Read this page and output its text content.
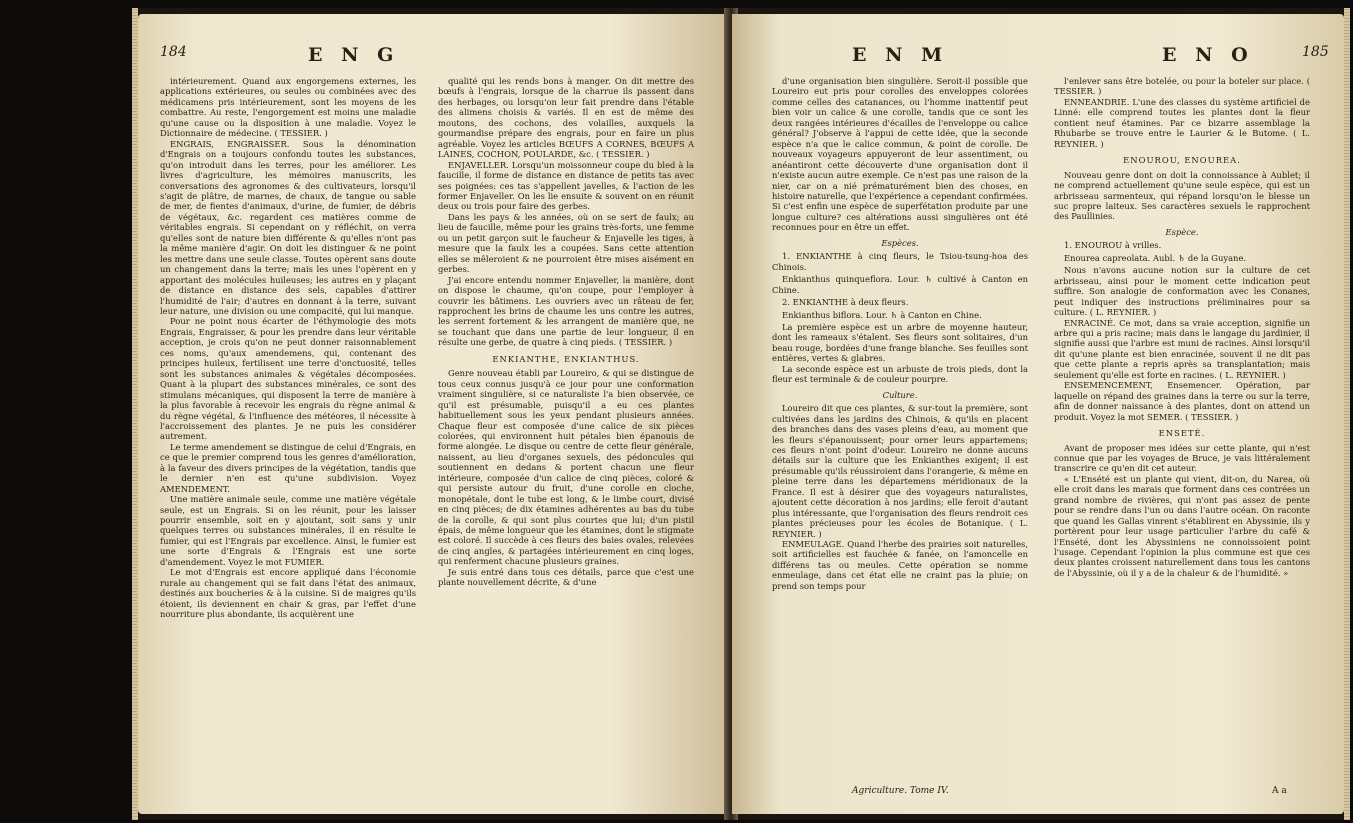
184	E N G

intérieurement. Quand aux engorgemens externes, les applications extérieures, ou seules ou combinées avec des médicamens pris intérieurement, sont les moyens de les combattre. Au reste, l'engorgement est moins une maladie qu'une cause ou la disposition à une maladie. Voyez le Dictionnaire de médecine. ( TESSIER. )

ENGRAIS, ENGRAISSER. Sous la dénomination d'Engrais on a toujours confondu toutes les substances, qu'on introduit dans les terres, pour les améliorer. Les livres d'agriculture, les mémoires manuscrits, les conversations des agronomes & des cultivateurs, lorsqu'il s'agit de plâtre, de marnes, de chaux, de tangue ou sable de mer, de fientes d'animaux, d'urine, de fumier, de débris de végétaux, &c. regardent ces matières comme de véritables engrais. Si cependant on y réfléchit, on verra qu'elles sont de nature bien différente & qu'elles n'ont pas la même manière d'agir. On doit les distinguer & ne point les mettre dans une seule classe. Toutes opèrent sans doute un changement dans la terre; mais les unes l'opèrent en y apportant des molécules huileuses; les autres en y plaçant de distance en distance des sels, capables d'attirer l'humidité de l'air; d'autres en donnant à la terre, suivant leur nature, une division ou une compacité, qui lui manque.

Pour ne point nous écarter de l'éthymologie des mots Engrais, Engraisser, & pour les prendre dans leur véritable acception, je crois qu'on ne peut donner raisonnablement ces noms, qu'aux amendemens, qui, contenant des principes huileux, fertilisent une terre d'onctuosité, telles sont les substances animales & végétales décomposées. Quant à la plupart des substances minérales, ce sont des stimulans mécaniques, qui disposent la terre de manière à la plus favorable à recevoir les engrais du règne animal & du règne végétal, & l'influence des météores, il nécessite à l'accroissement des plantes. Je ne puis les considérer autrement.

Le terme amendement se distingue de celui d'Engrais, en ce que le premier comprend tous les genres d'amélioration, à la faveur des divers principes de la végétation, tandis que le dernier n'en est qu'une subdivision. Voyez AMENDEMENT.

Une matière animale seule, comme une matière végétale seule, est un Engrais. Si on les réunit, pour les laisser pourrir ensemble, soit en y ajoutant, soit sans y unir quelques terres ou substances minérales, il en résulte le fumier, qui est l'Engrais par excellence. Ainsi, le fumier est une sorte d'Engrais & l'Engrais est une sorte d'amendement. Voyez le mot FUMIER.

Le mot d'Engrais est encore appliqué dans l'économie rurale au changement qui se fait dans l'état des animaux, destinés aux boucheries & à la cuisine. Si de maigres qu'ils étoient, ils deviennent en chair & gras, par l'effet d'une nourriture plus abondante, ils acquièrent une

qualité qui les rends bons à manger. On dit mettre des bœufs à l'engrais, lorsque de la charrue ils passent dans des herbages, ou lorsqu'on leur fait prendre dans l'étable des alimens choisis & variés. Il en est de même des moutons, des cochons, des volailles, auxquels la gourmandise prépare des engrais, pour en faire un plus agréable. Voyez les articles BŒUFS A CORNES, BŒUFS A LAINES, COCHON, POULARDE, &c. ( TESSIER. )

ENJAVELLER. Lorsqu'un moissonneur coupe du bled à la faucille, il forme de distance en distance de petits tas avec ses poignées: ces tas s'appellent javelles, & l'action de les former Enjaveller. On les lie ensuite & souvent on en réunit deux ou trois pour faire des gerbes.

Dans les pays & les années, où on se sert de faulx; au lieu de faucille, même pour les grains très-forts, une femme ou un petit garçon suit le faucheur & Enjavelle les tiges, à mesure que la faulx les a coupées. Sans cette attention elles se mêleroient & ne pourroient être mises aisément en gerbes.

J'ai encore entendu nommer Enjaveller, la manière, dont on dispose le chaume, qu'on coupe, pour l'employer à couvrir les bâtimens. Les ouvriers avec un râteau de fer, rapprochent les brins de chaume les uns contre les autres, les serrent fortement & les arrangent de manière que, ne se touchant que dans une partie de leur longueur, il en résulte une gerbe, de quatre à cinq pieds. ( TESSIER. )

ENKIANTHE, ENKIANTHUS.

Genre nouveau établi par Loureiro, & qui se distingue de tous ceux connus jusqu'à ce jour pour une conformation vraiment singulière, si ce naturaliste l'a bien observée, ce qu'il est présumable, puisqu'il a eu ces plantes habituellement sous les yeux pendant plusieurs années. Chaque fleur est composée d'une calice de six pièces colorées, qui environnent huit pétales bien épanouis de forme alongée. Le disque ou centre de cette fleur générale, naissent, au lieu d'organes sexuels, des pédoncules qui soutiennent en dedans & portent chacun une fleur intérieure, composée d'un calice de cinq pièces, coloré & qui persiste autour du fruit, d'une corolle en cloche, monopétale, dont le tube est long, & le limbe court, divisé en cinq pièces; de dix étamines adhérentes au bas du tube de la corolle, & qui sont plus courtes que lui; d'un pistil épais, de même longueur que les étamines, dont le stigmate est coloré. Il succède à ces fleurs des baies ovales, relevées de cinq angles, & partagées intérieurement en cinq loges, qui renferment chacune plusieurs graines.

Je suis entré dans tous ces détails, parce que c'est une plante nouvellement décrite, & d'une

E N M	E N O	185

d'une organisation bien singulière. Seroit-il possible que Loureiro eut pris pour corolles des enveloppes colorées comme celles des catanances, ou l'homme inattentif peut bien voir un calice & une corolle, tandis que ce sont les deux rangées intérieures d'écailles de l'enveloppe ou calice général? J'observe à l'appui de cette idée, que la seconde espèce n'a que le calice commun, & point de corolle. De nouveaux voyageurs appuyeront de leur assentiment, ou anéantiront cette découverte d'une organisation dont il n'existe aucun autre exemple. Ce n'est pas une raison de la nier, car on a nié prématurément bien des choses, en histoire naturelle, que l'expérience a cependant confirmées. Si c'est enfin une espèce de superfétation produite par une longue culture? ces altérations aussi singulières ont été reconnues pour en être un effet.

Espèces.

1. ENKIANTHE à cinq fleurs, le Tsiou-tsung-hoa des Chinois.

Enkianthus quinqueflora. Lour. ♄ cultivé à Canton en Chine.

2. ENKIANTHE à deux fleurs.

Enkianthus biflora. Lour. ♄ à Canton en Chine.

La première espèce est un arbre de moyenne hauteur, dont les rameaux s'étalent. Ses fleurs sont solitaires, d'un beau rouge, bordées d'une frange blanche. Ses feuilles sont entières, vertes & glabres.

La seconde espèce est un arbuste de trois pieds, dont la fleur est terminale & de couleur pourpre.

Culture.

Loureiro dit que ces plantes, & sur-tout la première, sont cultivées dans les jardins des Chinois, & qu'ils en placent des branches dans des vases pleins d'eau, au moment que les fleurs s'épanouissent; pour orner leurs appartemens; ces fleurs n'ont point d'odeur. Loureiro ne donne aucuns détails sur la culture que les Enkianthes exigent; il est présumable qu'ils réussiroient dans l'orangerie, & même en pleine terre dans les départemens méridionaux de la France. Il est à désirer que des voyageurs naturalistes, ajoutent cette décoration à nos jardins; elle feroit d'autant plus intéressante, que l'organisation des fleurs rendroit ces plantes précieuses pour les écoles de Botanique. ( L. REYNIER. )

ENMEULAGE. Quand l'herbe des prairies soit naturelles, soit artificielles est fauchée & fanée, on l'amoncelle en différens tas ou meules. Cette opération se nomme enmeulage, dans cet état elle ne craint pas la pluie; on prend son temps pour

l'enlever sans être botelée, ou pour la boteler sur place. ( TESSIER. )

ENNEANDRIE. L'une des classes du système artificiel de Linné: elle comprend toutes les plantes dont la fleur contient neuf étamines. Par ce bizarre assemblage la Rhubarbe se trouve entre le Laurier & le Butome. ( L. REYNIER. )

ENOUROU, ENOUREA.

Nouveau genre dont on doit la connoissance à Aublet; il ne comprend actuellement qu'une seule espèce, qui est un arbrisseau sarmenteux, qui répand lorsqu'on le blesse un suc propre laiteux. Ses caractères sexuels le rapprochent des Paullinies.

Espèce.

1. ENOUROU à vrilles.

Enourea capreolata. Aubl. ♄ de la Guyane.

Nous n'avons aucune notion sur la culture de cet arbrisseau, ainsi pour le moment cette indication peut suffire. Son analogie de conformation avec les Conanes, peut indiquer des instructions préliminaires pour sa culture. ( L. REYNIER. )

ENRACINÉ. Ce mot, dans sa vraie acception, signifie un arbre qui a pris racine; mais dans le langage du jardinier, il signifie aussi que l'arbre est muni de racines. Ainsi lorsqu'il dit qu'une plante est bien enracinée, souvent il ne dit pas que cette plante a repris après sa transplantation; mais seulement qu'elle est forte en racines. ( L. REYNIER. )

ENSEMENCEMENT, Ensemencer. Opération, par laquelle on répand des graines dans la terre ou sur la terre, afin de donner naissance à des plantes, dont on attend un produit. Voyez la mot SEMER. ( TESSIER. )

ENSETÉ.

Avant de proposer mes idées sur cette plante, qui n'est connue que par les voyages de Bruce, je vais littéralement transcrire ce qu'en dit cet auteur.

« L'Ensété est un plante qui vient, dit-on, du Narea, où elle croit dans les marais que forment dans ces contrées un grand nombre de rivières, qui n'ont pas assez de pente pour se rendre dans l'un ou dans l'autre océan. On raconte que quand les Gallas vinrent s'établirent en Abyssinie, ils y portèrent pour leur usage particulier l'arbre du café & l'Ensété, dont les Abyssiniens ne connoissoient point l'usage. Cependant l'opinion la plus commune est que ces deux plantes croissent naturellement dans tous les cantons de l'Abyssinie, où il y a de la chaleur & de l'humidité. »

Agriculture. Tome IV.	A a
